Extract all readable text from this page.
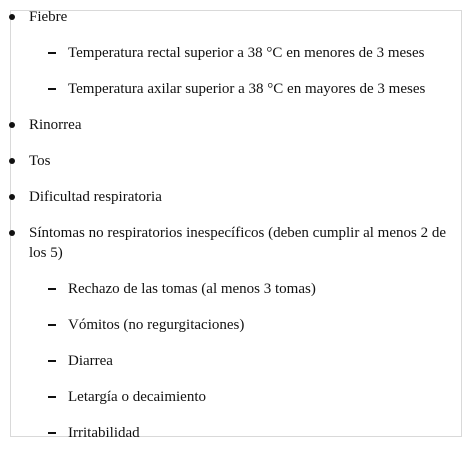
Fiebre
Temperatura rectal superior a 38 °C en menores de 3 meses
Temperatura axilar superior a 38 °C en mayores de 3 meses
Rinorrea
Tos
Dificultad respiratoria
Síntomas no respiratorios inespecíficos (deben cumplir al menos 2 de
los 5)
Rechazo de las tomas (al menos 3 tomas)
Vómitos (no regurgitaciones)
Diarrea
Letargía o decaimiento
Irritabilidad
